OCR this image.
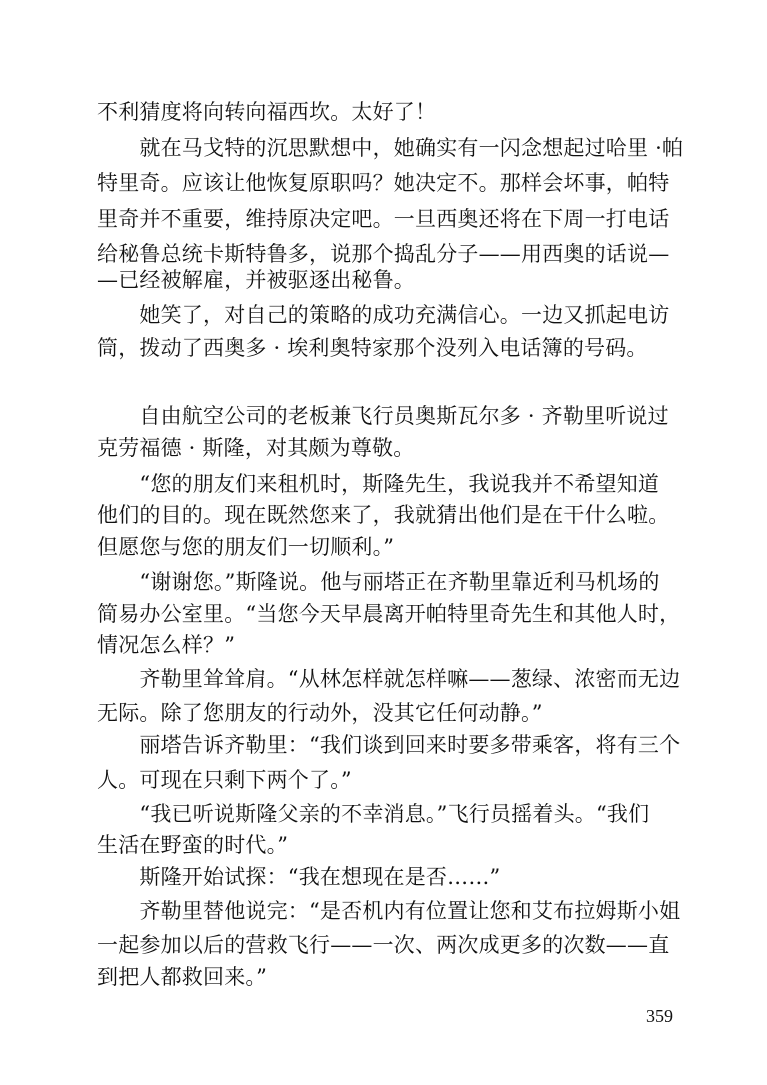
不利猜度将向转向福西坎。太好了！
　　就在马戈特的沉思默想中，她确实有一闪念想起过哈里 ·帕
特里奇。应该让他恢复原职吗？她决定不。那样会坏事，帕特
里奇并不重要，维持原决定吧。一旦西奥还将在下周一打电话
给秘鲁总统卡斯特鲁多，说那个捣乱分子——用西奥的话说—
—已经被解雇，并被驱逐出秘鲁。
　　她笑了，对自己的策略的成功充满信心。一边又抓起电访
筒，拨动了西奥多 · 埃利奥特家那个没列入电话簿的号码。
　　自由航空公司的老板兼飞行员奥斯瓦尔多 · 齐勒里听说过
克劳福德 · 斯隆，对其颇为尊敬。
　　“您的朋友们来租机时，斯隆先生，我说我并不希望知道
他们的目的。现在既然您来了，我就猜出他们是在干什么啦。
但愿您与您的朋友们一切顺利。”
　　“谢谢您。”斯隆说。他与丽塔正在齐勒里靠近利马机场的
简易办公室里。“当您今天早晨离开帕特里奇先生和其他人时，
情况怎么样？”
　　齐勒里耸耸肩。“从林怎样就怎样嘛——葱绿、浓密而无边
无际。除了您朋友的行动外，没其它任何动静。”
　　丽塔告诉齐勒里：“我们谈到回来时要多带乘客，将有三个
人。可现在只剩下两个了。”
　　“我已听说斯隆父亲的不幸消息。”飞行员摇着头。“我们
生活在野蛮的时代。”
　　斯隆开始试探：“我在想现在是否……”
　　齐勒里替他说完：“是否机内有位置让您和艾布拉姆斯小姐
一起参加以后的营救飞行——一次、两次成更多的次数——直
到把人都救回来。”
359
